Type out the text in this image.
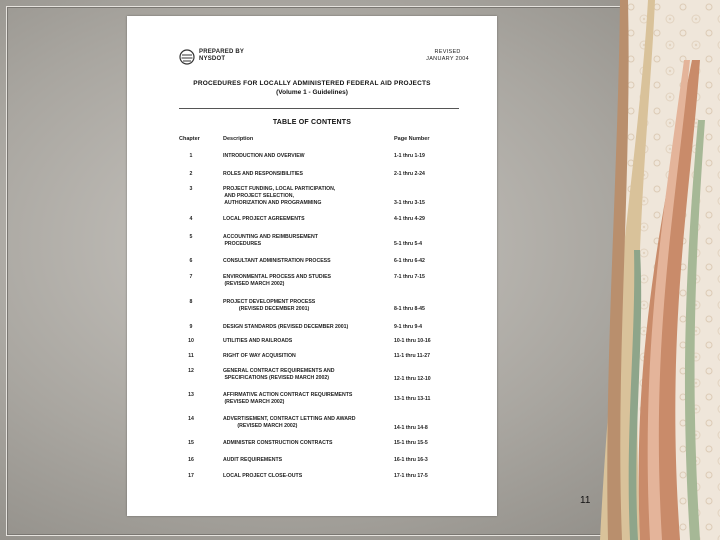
PREPARED BY
NYSDOT
REVISED
JANUARY 2004
PROCEDURES FOR LOCALLY ADMINISTERED FEDERAL AID PROJECTS
(Volume 1 - Guidelines)
TABLE OF CONTENTS
Chapter	Description	Page Number
1	INTRODUCTION AND OVERVIEW	1-1 thru 1-19
2	ROLES AND RESPONSIBILITIES	2-1 thru 2-24
3	PROJECT FUNDING, LOCAL PARTICIPATION,
AND PROJECT SELECTION,
AUTHORIZATION AND PROGRAMMING	3-1 thru 3-15
4	LOCAL PROJECT AGREEMENTS	4-1 thru 4-29
5	ACCOUNTING AND REIMBURSEMENT
PROCEDURES	5-1 thru 5-4
6	CONSULTANT ADMINISTRATION PROCESS	6-1 thru 6-42
7	ENVIRONMENTAL PROCESS AND STUDIES
(REVISED MARCH 2002)
7-1 thru 7-15
8	PROJECT DEVELOPMENT PROCESS
(REVISED DECEMBER 2001)	8-1 thru 8-45
9	DESIGN STANDARDS (REVISED DECEMBER 2001)	9-1 thru 9-4
10	UTILITIES AND RAILROADS	10-1 thru 10-16
11	RIGHT OF WAY ACQUISITION	11-1 thru 11-27
12	GENERAL CONTRACT REQUIREMENTS AND
SPECIFICATIONS (REVISED MARCH 2002)	12-1 thru 12-10
13	AFFIRMATIVE ACTION CONTRACT REQUIREMENTS
(REVISED MARCH 2002)	13-1 thru 13-11
14	ADVERTISEMENT, CONTRACT LETTING AND AWARD
(REVISED MARCH 2002)	14-1 thru 14-8
15	ADMINISTER CONSTRUCTION CONTRACTS	15-1 thru 15-5
16	AUDIT REQUIREMENTS	16-1 thru 16-3
17	LOCAL PROJECT CLOSE-OUTS	17-1 thru 17-5
11
